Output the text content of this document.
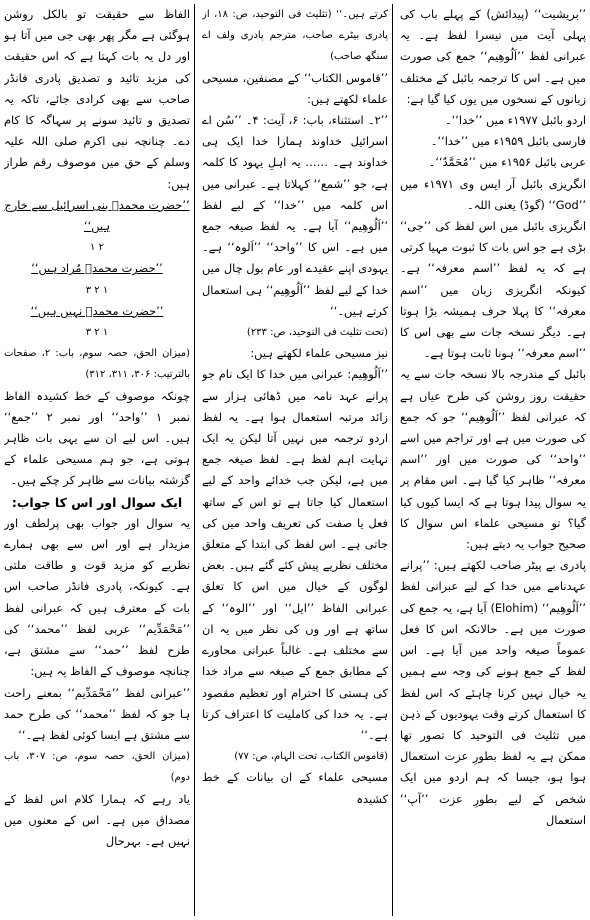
’’بریشیت‘‘ (پیدائش) کے پہلے باب کی پہلی آیت میں تیسرا لفظ ہے۔ یہ عبرانی لفظ ’’اَلُوھِیم‘‘ جمع کی صورت میں ہے۔ اس کا ترجمہ بائبل کے مختلف زبانوں کے نسخوں میں یوں کیا گیا ہے:

اردو بائبل ۱۹۷۷ء میں ’’خدا‘‘۔

فارسی بائبل ۱۹۵۹ء میں ’’خدا‘‘۔

عربی بائبل ۱۹۵۶ء میں ’’مُحَمَّدٌ‘‘۔

انگریزی بائبل آر ایس وی ۱۹۷۱ء میں ’’God‘‘ (گوڈ) یعنی اللہ۔

انگریزی بائبل میں اس لفظ کی ’’جی‘‘ بڑی ہے جو اس بات کا ثبوت مہیا کرتی ہے کہ یہ لفظ ’’اسم معرفہ‘‘ ہے۔ کیونکہ انگریزی زبان میں ’’اسم معرفہ‘‘ کا پہلا حرف ہمیشہ بڑا ہوتا ہے۔ دیگر نسخہ جات سے بھی اس کا ’’اسم معرفہ‘‘ ہونا ثابت ہوتا ہے۔

بائبل کے مندرجہ بالا نسخہ جات سے یہ حقیقت روز روشن کی طرح عیاں ہے کہ عبرانی لفظ ’’اَلُوھِیم‘‘ جو کہ جمع کی صورت میں ہے اور تراجم میں اسے ’’واحد‘‘ کی صورت میں اور ’’اسم معرفہ‘‘ ظاہر کیا گیا ہے۔ اس مقام پر یہ سوال پیدا ہوتا ہے کہ ایسا کیوں کیا گیا؟ تو مسیحی علماء اس سوال کا صحیح جواب یہ دیتے ہیں:

پادری بے پیٹر صاحب لکھتے ہیں: ’’پرانے عہدنامے میں خدا کے لیے عبرانی لفظ ’’اَلُوھِیم‘‘ (Elohim) آیا ہے، یہ جمع کی صورت میں ہے۔ حالانکہ اس کا فعل عموماً صیغہ واحد میں آیا ہے۔ اس لفظ کے جمع ہونے کی وجہ سے ہمیں یہ خیال نہیں کرنا چاہئے کہ اس لفظ کا استعمال کرتے وقت یہودیوں کے ذہن میں تثلیث فی التوحید کا تصور تھا ممکن ہے یہ لفظ بطورِ عزت استعمال ہوا ہو، جیسا کہ ہم اردو میں ایک شخص کے لیے بطورِ عزت ’’آپ‘‘ استعمال

کرتے ہیں۔‘‘ (تثلیث فی التوحید، ص: ۱۸، از پادری بیٹرے صاحب، مترجم پادری ولف اے سنگھ صاحب)

’’قاموس الکتاب‘‘ کے مصنفین، مسیحی علماء لکھتے ہیں:

’’۲۔ استثناء، باب: ۶، آیت: ۴۔ ’’سُن اے اسرائیل خداوند ہمارا خدا ایک ہی خداوند ہے۔ …… یہ اہلِ یہود کا کلمہ ہے، جو ’’شمع‘‘ کہلاتا ہے۔ عبرانی میں اس کلمہ میں ’’خدا‘‘ کے لیے لفظ ’’اَلُوھِیم‘‘ آیا ہے۔ یہ لفظ صیغہ جمع میں ہے۔ اس کا ’’واحد‘‘ ’’اَلوہ‘‘ ہے۔ یہودی اپنے عقیدے اور عام بول چال میں خدا کے لیے لفظ ’’اَلُوھِیم‘‘ ہی استعمال کرتے ہیں۔‘‘

(تحت تثلیث فی التوحید، ص: ۲۳۳)

نیز مسیحی علماء لکھتے ہیں:

’’اَلُوھِیم: عبرانی میں خدا کا ایک نام جو پرانے عہد نامہ میں ڈھائی ہزار سے زائد مرتبہ استعمال ہوا ہے۔ یہ لفظ اردو ترجمہ میں نہیں آتا لیکن یہ ایک نہایت اہم لفظ ہے۔ لفظ صیغہ جمع میں ہے، لیکن جب خدائے واحد کے لیے استعمال کیا جاتا ہے تو اس کے ساتھ فعل یا صفت کی تعریف واحد میں کی جاتی ہے۔ اس لفظ کی ابتدا کے متعلق مختلف نظریے پیش کئے گئے ہیں۔ بعض لوگوں کے خیال میں اس کا تعلق عبرانی الفاظ ’’ایل‘‘ اور ’’الوہ‘‘ کے ساتھ ہے اور وں کی نظر میں یہ ان سے مختلف ہے۔ غالباً عبرانی محاورے کے مطابق جمع کے صیغہ سے مراد خدا کی ہستی کا احترام اور تعظیم مقصود ہے۔ یہ خدا کی کاملیت کا اعتراف کرتا ہے۔‘‘

(قاموس الکتاب، تحت الہام، ص: ۷۷)

مسیحی علماء کے ان بیانات کے خط کشیدہ

الفاظ سے حقیقت تو بالکل روشن ہوگئی ہے مگر پھر بھی جی میں آتا ہو اور دل یہ بات کہتا ہے کہ اس حقیقت کی مزید تائید و تصدیق پادری فانڈر صاحب سے بھی کرادی جائے، تاکہ یہ تصدیق و تائید سونے پر سہاگہ کا کام دے۔ چنانچہ نبی اکرم صلی اللہ علیہ وسلم کے حق میں موصوف رقم طراز ہیں:

’’حضرت محمدؐ بنی اسرائیل سے خارج ہیں‘‘

۱ ۲

’’حضرت محمدؐ مُراد ہیں‘‘

۳ ۲ ۱

’’حضرت محمدؐ نہیں ہیں‘‘

۳ ۲ ۱

(میزان الحق، حصہ سوم، باب: ۲، صفحات بالترتیب: ۳۰۶، ۳۱۱، ۳۱۲)

چونکہ موصوف کے خط کشیدہ الفاظ نمبر ۱ ’’واحد‘‘ اور نمبر ۲ ’’جمع‘‘ ہیں۔ اس لیے ان سے یہی بات ظاہر ہوتی ہے، جو ہم مسیحی علماء کے گزشتہ بیانات سے ظاہر کر چکے ہیں۔

ایک سوال اور اس کا جواب:

یہ سوال اور جواب بھی پرلطف اور مزیدار ہے اور اس سے بھی ہمارے نظریے کو مزید قوت و طاقت ملتی ہے۔ کیونکہ، پادری فانڈر صاحب اس بات کے معترف ہیں کہ عبرانی لفظ ’’مَحْمَدِّیم‘‘ عربی لفظ ’’محمد‘‘ کی طرح لفظ ’’حمد‘‘ سے مشتق ہے، چنانچہ موصوف کے الفاظ یہ ہیں:

’’عبرانی لفظ ’’مَحْمَدِّیم‘‘ بمعنے راحت ہا جو کہ لفظ ’’محمد‘‘ کی طرح حمد سے مشتق ہے ایسا کوئی لفظ ہے۔‘‘

(میزان الحق، حصہ سوم، ص: ۳۰۷، باب دوم)

یاد رہے کہ ہمارا کلام اس لفظ کے مصداق میں ہے۔ اس کے معنوں میں نہیں ہے۔ بہرحال
